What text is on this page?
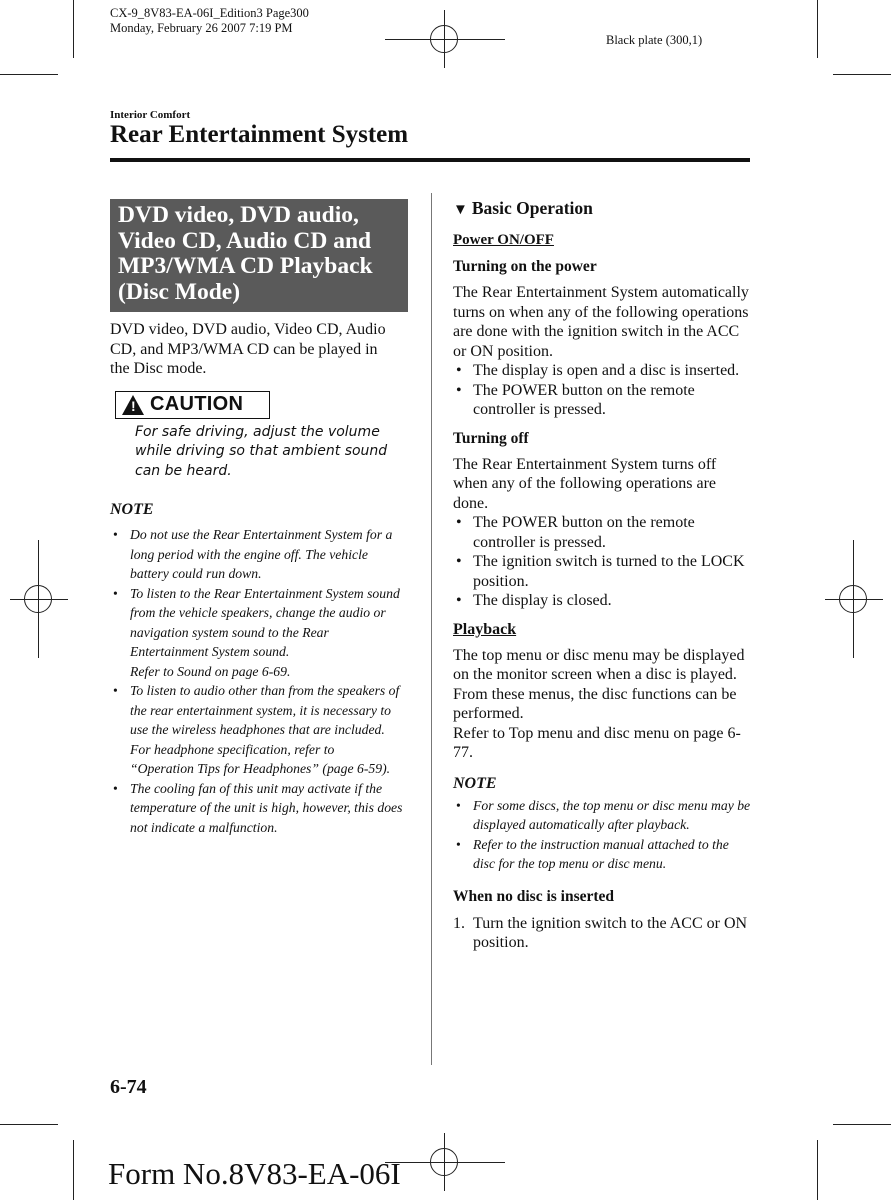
CX-9_8V83-EA-06I_Edition3 Page300
Monday, February 26 2007 7:19 PM
Black plate (300,1)
Interior Comfort
Rear Entertainment System
DVD video, DVD audio,
Video CD, Audio CD and
MP3/WMA CD Playback
(Disc Mode)

DVD video, DVD audio, Video CD, Audio CD, and MP3/WMA CD can be played in the Disc mode.

! CAUTION

For safe driving, adjust the volume while driving so that ambient sound can be heard.

NOTE
• Do not use the Rear Entertainment System for a long period with the engine off. The vehicle battery could run down.
• To listen to the Rear Entertainment System sound from the vehicle speakers, change the audio or navigation system sound to the Rear Entertainment System sound.
Refer to Sound on page 6-69.
• To listen to audio other than from the speakers of the rear entertainment system, it is necessary to use the wireless headphones that are included. For headphone specification, refer to
“Operation Tips for Headphones” (page 6-59).
• The cooling fan of this unit may activate if the temperature of the unit is high, however, this does not indicate a malfunction.
▼ Basic Operation
Power ON/OFF
Turning on the power

The Rear Entertainment System automatically turns on when any of the following operations are done with the ignition switch in the ACC or ON position.

• The display is open and a disc is inserted.
• The POWER button on the remote controller is pressed.
Turning off

The Rear Entertainment System turns off when any of the following operations are done.

• The POWER button on the remote controller is pressed.
• The ignition switch is turned to the LOCK position.
• The display is closed.
Playback

The top menu or disc menu may be displayed on the monitor screen when a disc is played. From these menus, the disc functions can be performed.

Refer to Top menu and disc menu on page 6-77.

NOTE
• For some discs, the top menu or disc menu may be displayed automatically after playback.
• Refer to the instruction manual attached to the disc for the top menu or disc menu.
When no disc is inserted
1. Turn the ignition switch to the ACC or ON position.
6-74
Form No.8V83-EA-06I
